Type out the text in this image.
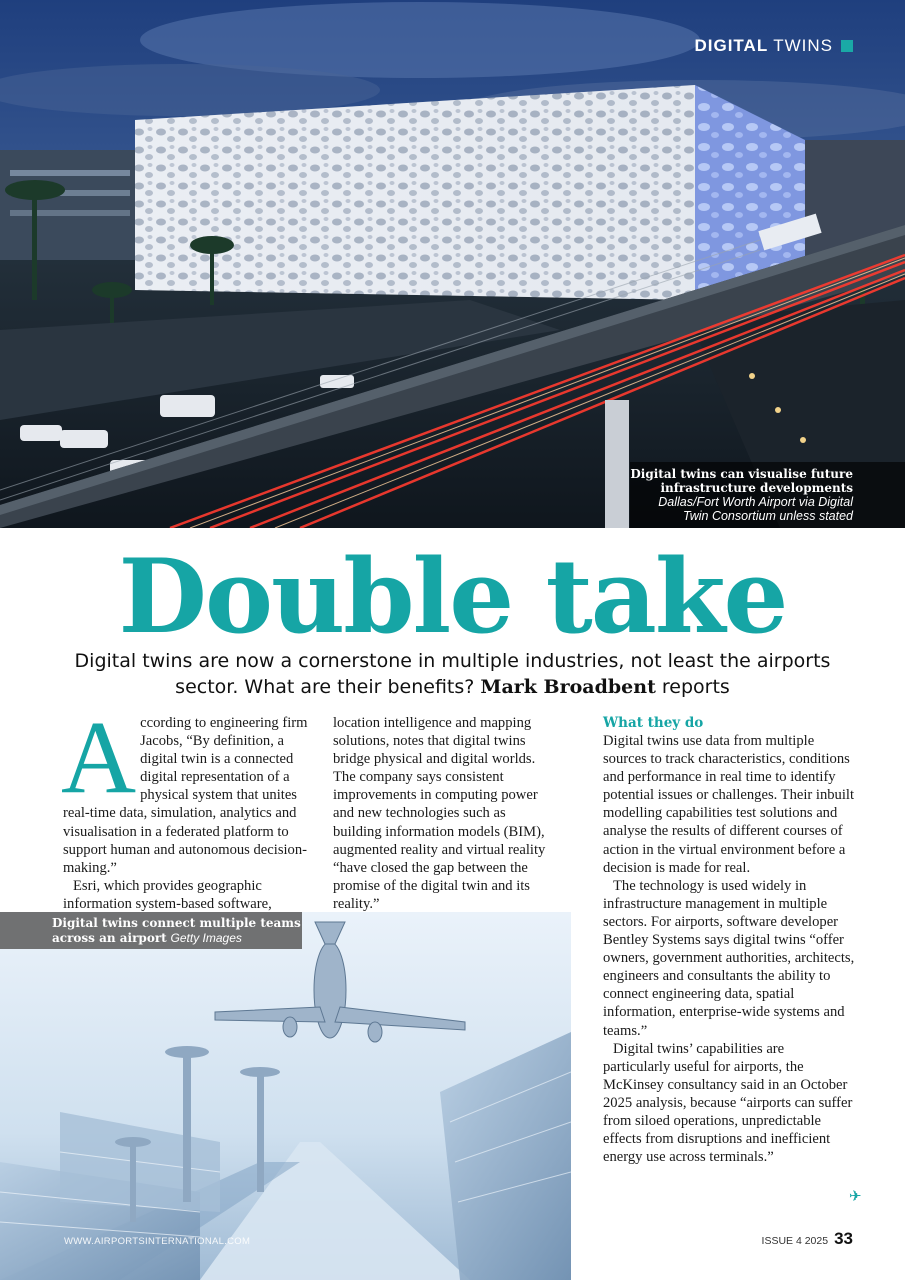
DIGITAL TWINS
Digital twins can visualise future infrastructure developments
Dallas/Fort Worth Airport via Digital Twin Consortium unless stated
Double take
Digital twins are now a cornerstone in multiple industries, not least the airports sector. What are their benefits? Mark Broadbent reports

A ccording to engineering firm Jacobs, “By definition, a digital twin is a connected digital representation of a physical system that unites real-time data, simulation, analytics and visualisation in a federated platform to support human and autonomous decision-making.”

Esri, which provides geographic information system-based software,

location intelligence and mapping solutions, notes that digital twins bridge physical and digital worlds.

The company says consistent improvements in computing power and new technologies such as building information models (BIM), augmented reality and virtual reality “have closed the gap between the promise of the digital twin and its reality.”

What they do

Digital twins use data from multiple sources to track characteristics, conditions and performance in real time to identify potential issues or challenges. Their inbuilt modelling capabilities test solutions and analyse the results of different courses of action in the virtual environment before a decision is made for real.

The technology is used widely in infrastructure management in multiple sectors. For airports, software developer Bentley Systems says digital twins “offer owners, government authorities, architects, engineers and consultants the ability to connect engineering data, spatial information, enterprise-wide systems and teams.”

Digital twins’ capabilities are particularly useful for airports, the McKinsey consultancy said in an October 2025 analysis, because “airports can suffer from siloed operations, unpredictable effects from disruptions and inefficient energy use across terminals.”

✈
Digital twins connect multiple teams across an airport Getty Images
WWW.AIRPORTSINTERNATIONAL.COM	ISSUE 4 2025 33
